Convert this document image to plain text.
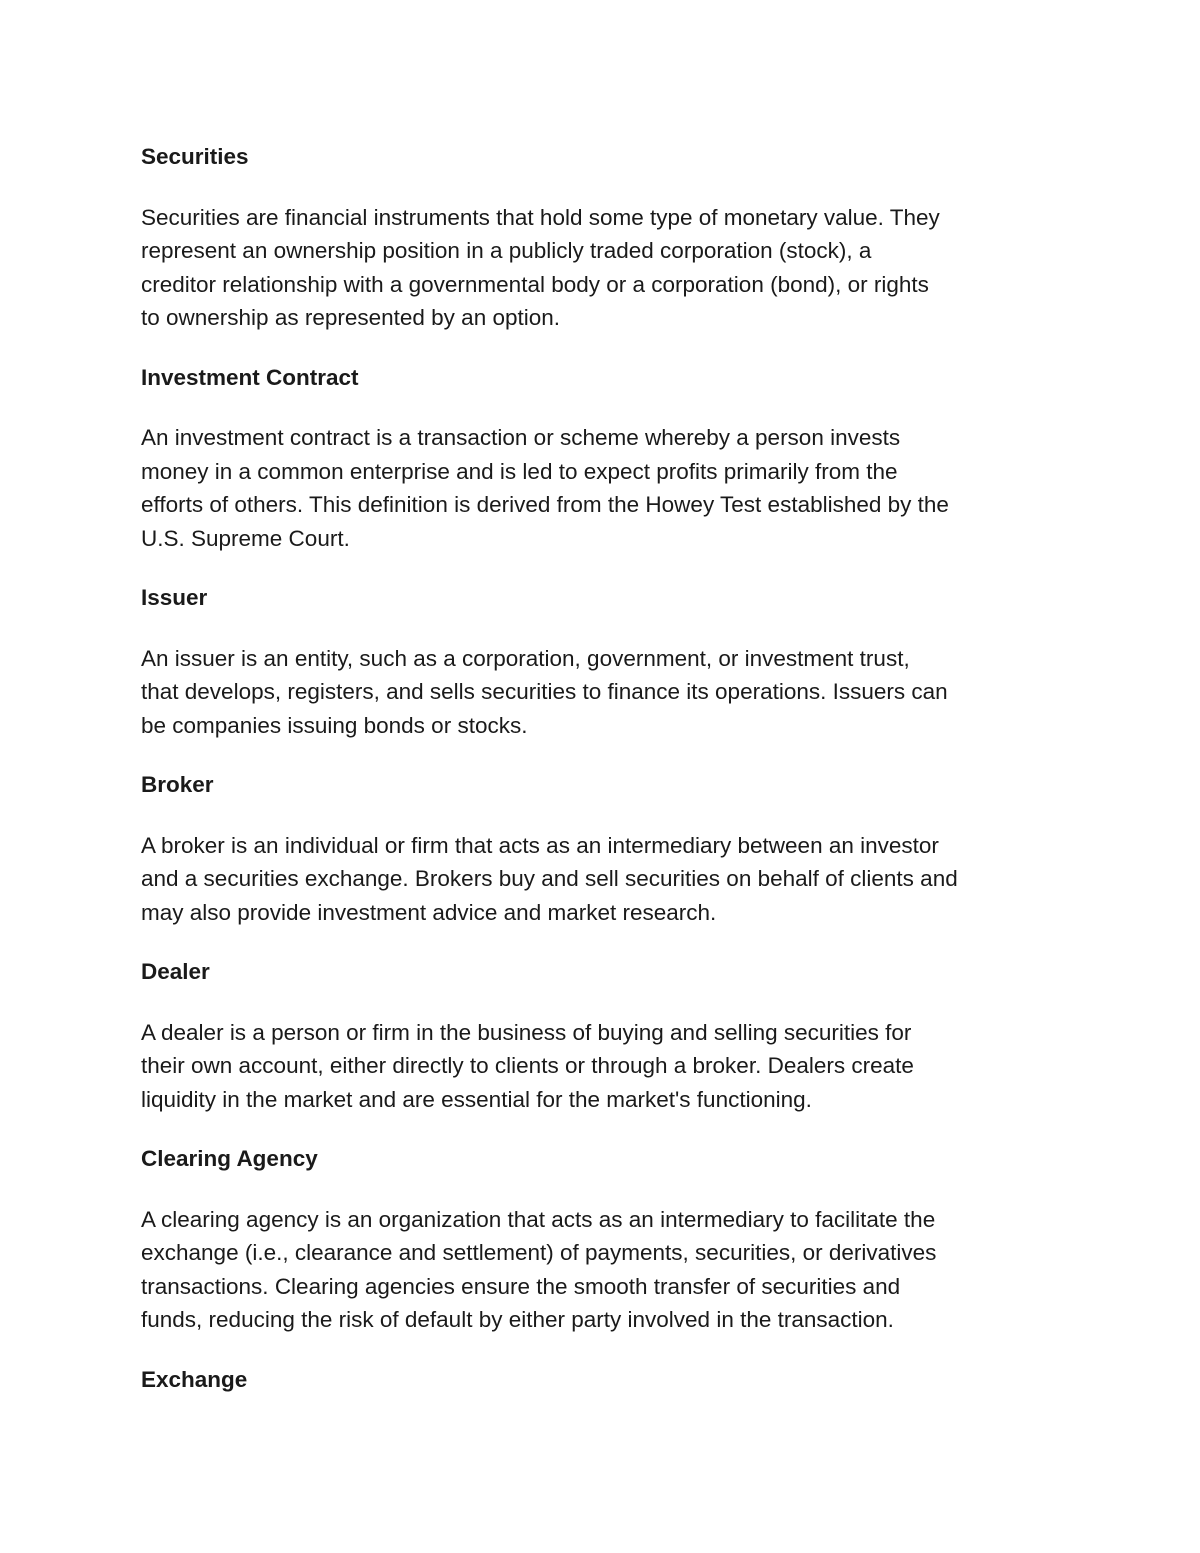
Securities

Securities are financial instruments that hold some type of monetary value. They
represent an ownership position in a publicly traded corporation (stock), a
creditor relationship with a governmental body or a corporation (bond), or rights
to ownership as represented by an option.

Investment Contract

An investment contract is a transaction or scheme whereby a person invests
money in a common enterprise and is led to expect profits primarily from the
efforts of others. This definition is derived from the Howey Test established by the
U.S. Supreme Court.

Issuer

An issuer is an entity, such as a corporation, government, or investment trust,
that develops, registers, and sells securities to finance its operations. Issuers can
be companies issuing bonds or stocks.

Broker

A broker is an individual or firm that acts as an intermediary between an investor
and a securities exchange. Brokers buy and sell securities on behalf of clients and
may also provide investment advice and market research.

Dealer

A dealer is a person or firm in the business of buying and selling securities for
their own account, either directly to clients or through a broker. Dealers create
liquidity in the market and are essential for the market's functioning.

Clearing Agency

A clearing agency is an organization that acts as an intermediary to facilitate the
exchange (i.e., clearance and settlement) of payments, securities, or derivatives
transactions. Clearing agencies ensure the smooth transfer of securities and
funds, reducing the risk of default by either party involved in the transaction.

Exchange
